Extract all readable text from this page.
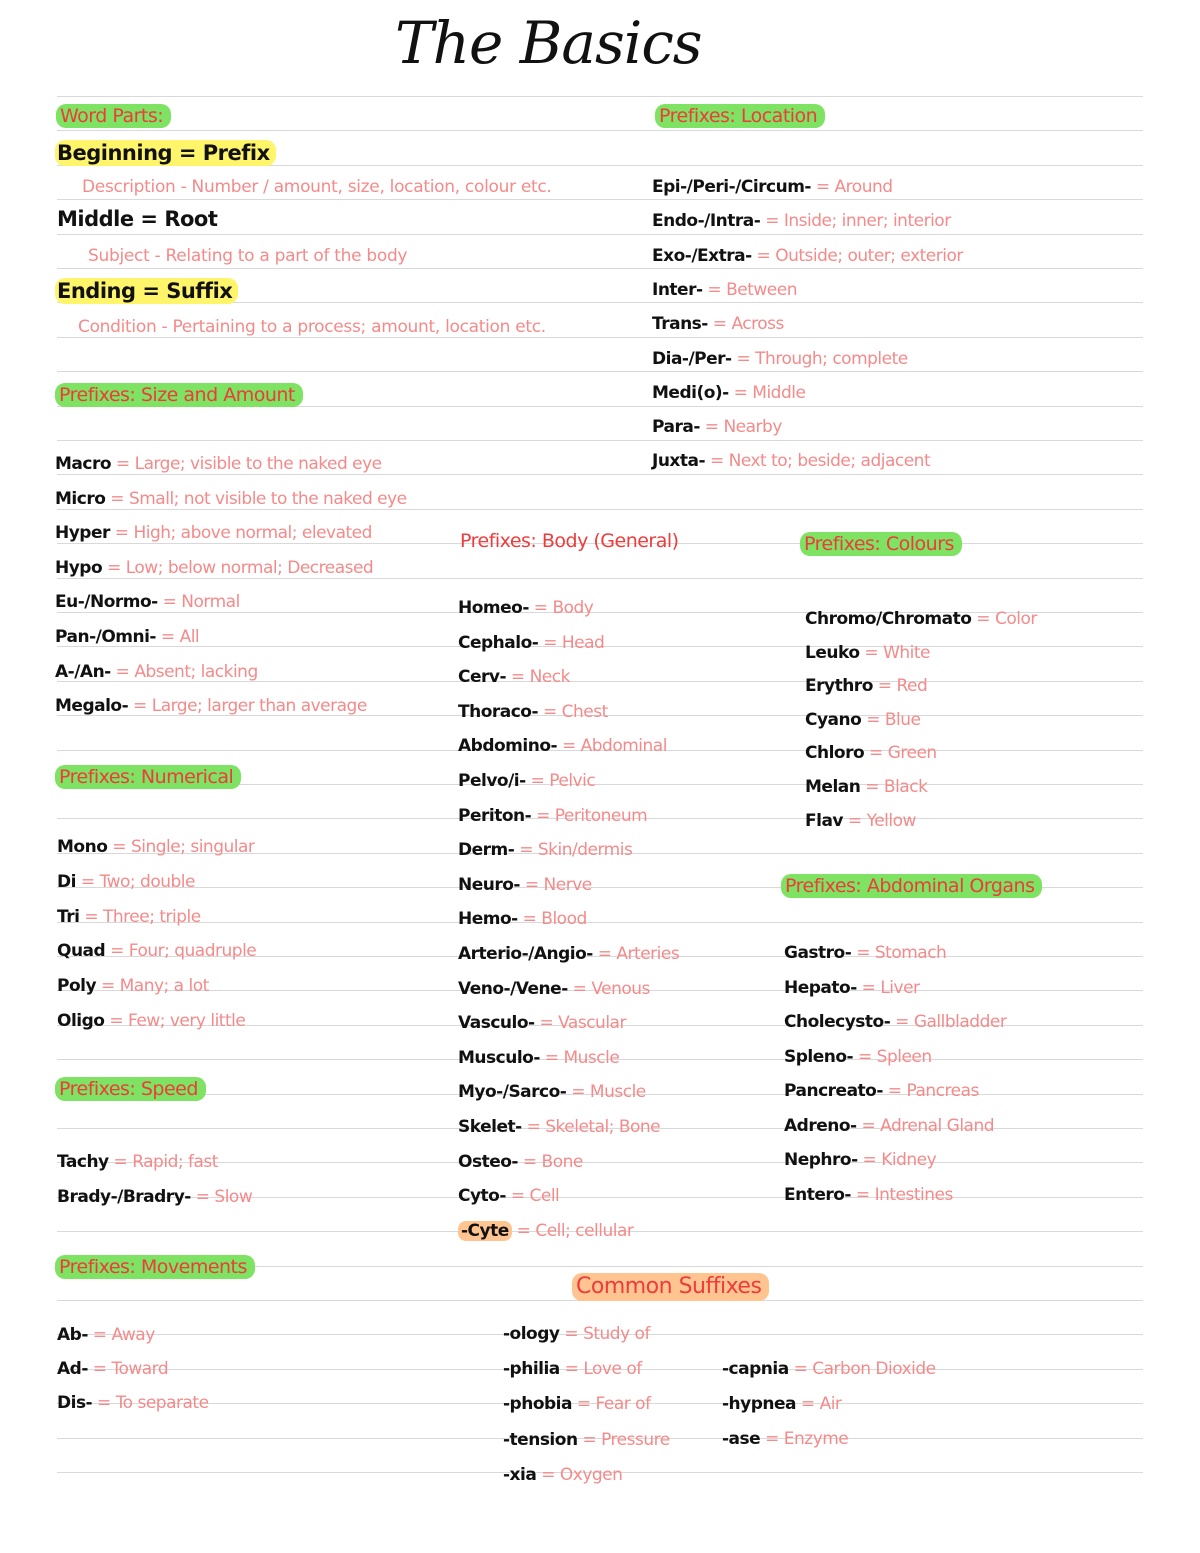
The Basics
Word Parts:
Beginning = Prefix
Description - Number / amount, size, location, colour etc.
Middle = Root
Subject - Relating to a part of the body
Ending = Suffix
Condition - Pertaining to a process; amount, location etc.
Prefixes: Size and Amount
Prefixes: Numerical
Prefixes: Speed
Prefixes: Movements
Prefixes: Location
Prefixes: Body (General)	Prefixes: Colours
Prefixes: Abdominal Organs
Common Suffixes
Macro = Large; visible to the naked eye
Micro = Small; not visible to the naked eye
Hyper = High; above normal; elevated
Hypo = Low; below normal; Decreased
Eu-/Normo- = Normal
Pan-/Omni- = All
A-/An- = Absent; lacking
Megalo- = Large; larger than average
Mono = Single; singular
Di = Two; double
Tri = Three; triple
Quad = Four; quadruple
Poly = Many; a lot
Oligo = Few; very little
Tachy = Rapid; fast
Brady-/Bradry- = Slow
Ab- = Away
Ad- = Toward
Dis- = To separate
Epi-/Peri-/Circum- = Around
Endo-/Intra- = Inside; inner; interior
Exo-/Extra- = Outside; outer; exterior
Inter- = Between
Trans- = Across
Dia-/Per- = Through; complete
Medi(o)- = Middle
Para- = Nearby
Juxta- = Next to; beside; adjacent
Homeo- = Body
Cephalo- = Head
Cerv- = Neck
Thoraco- = Chest
Abdomino- = Abdominal
Pelvo/i- = Pelvic
Periton- = Peritoneum
Derm- = Skin/dermis
Neuro- = Nerve
Hemo- = Blood
Arterio-/Angio- = Arteries
Veno-/Vene- = Venous
Vasculo- = Vascular
Musculo- = Muscle
Myo-/Sarco- = Muscle
Skelet- = Skeletal; Bone
Osteo- = Bone
Cyto- = Cell
-Cyte = Cell; cellular
Chromo/Chromato = Color
Leuko = White
Erythro = Red
Cyano = Blue
Chloro = Green
Melan = Black
Flav = Yellow
Gastro- = Stomach
Hepato- = Liver
Cholecysto- = Gallbladder
Spleno- = Spleen
Pancreato- = Pancreas
Adreno- = Adrenal Gland
Nephro- = Kidney
Entero- = Intestines
-ology = Study of
-philia = Love of
-phobia = Fear of
-tension = Pressure
-xia = Oxygen
-capnia = Carbon Dioxide
-hypnea = Air
-ase = Enzyme
